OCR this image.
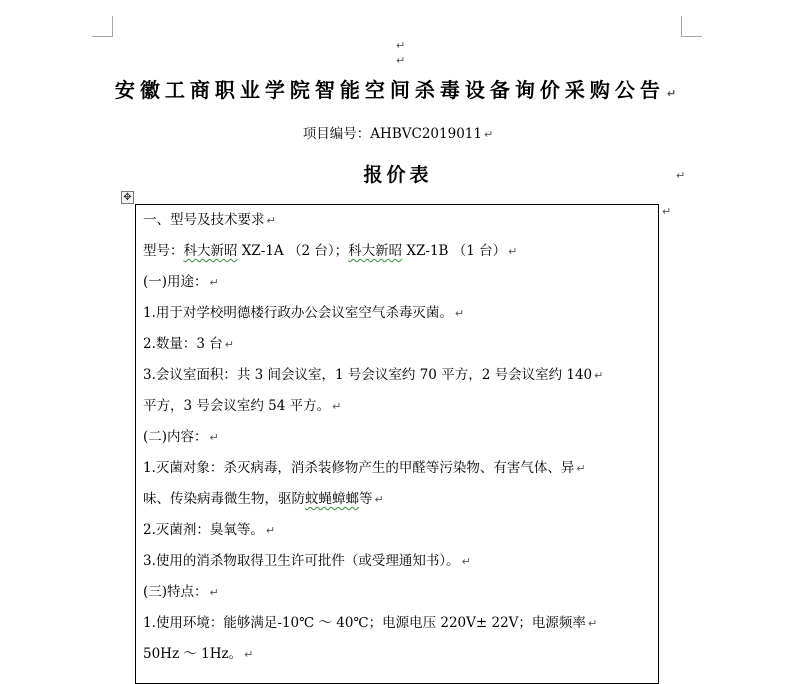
↵
↵
安徽工商职业学院智能空间杀毒设备询价采购公告 ↵
项目编号：AHBVC2019011 ↵
报价表	↵
✥
↵
一、型号及技术要求 ↵
型号：科大新昭 XZ-1A （2 台）；科大新昭 XZ-1B （1 台） ↵
(一)用途： ↵
1.用于对学校明德楼行政办公会议室空气杀毒灭菌。 ↵
2.数量：3 台 ↵
3.会议室面积：共 3 间会议室，1 号会议室约 70 平方，2 号会议室约 140 ↵
平方，3 号会议室约 54 平方。 ↵
(二)内容： ↵
1.灭菌对象：杀灭病毒，消杀装修物产生的甲醛等污染物、有害气体、异 ↵
味、传染病毒微生物，驱防蚊蝇蟑螂等 ↵
2.灭菌剂：臭氧等。 ↵
3.使用的消杀物取得卫生许可批件（或受理通知书）。 ↵
(三)特点： ↵
1.使用环境：能够满足-10℃ ～ 40℃；电源电压 220V± 22V；电源频率 ↵
50Hz ～ 1Hz。 ↵
